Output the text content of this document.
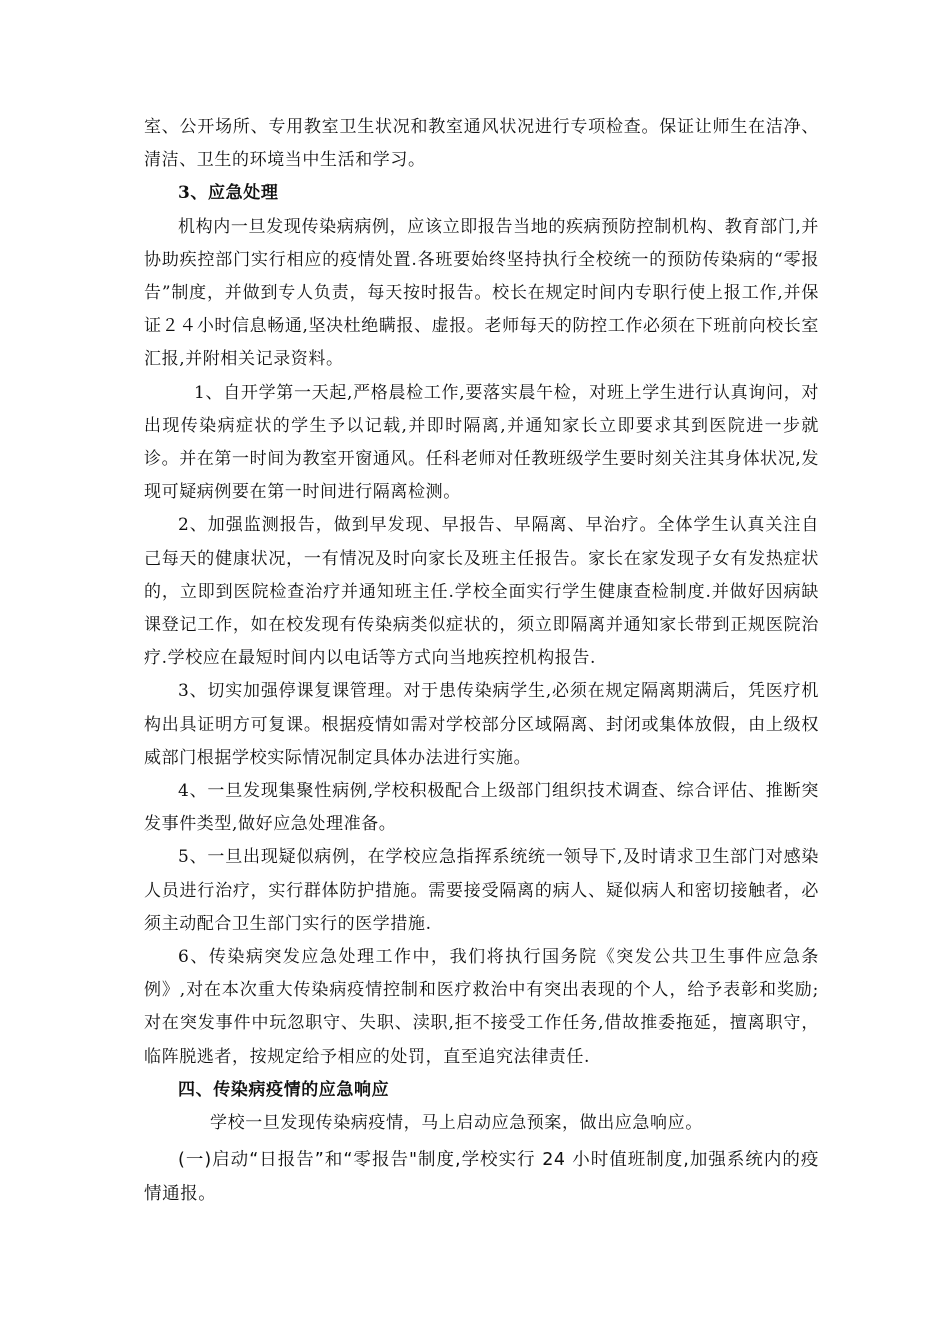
室、公开场所、专用教室卫生状况和教室通风状况进行专项检查。保证让师生在洁净、清洁、卫生的环境当中生活和学习。

3、应急处理

机构内一旦发现传染病病例，应该立即报告当地的疾病预防控制机构、教育部门,并协助疾控部门实行相应的疫情处置.各班要始终坚持执行全校统一的预防传染病的“零报告”制度，并做到专人负责，每天按时报告。校长在规定时间内专职行使上报工作,并保证２４小时信息畅通,坚决杜绝瞒报、虚报。老师每天的防控工作必须在下班前向校长室汇报,并附相关记录资料。

1、自开学第一天起,严格晨检工作,要落实晨午检，对班上学生进行认真询问，对出现传染病症状的学生予以记载,并即时隔离,并通知家长立即要求其到医院进一步就诊。并在第一时间为教室开窗通风。任科老师对任教班级学生要时刻关注其身体状况,发现可疑病例要在第一时间进行隔离检测。

2、加强监测报告，做到早发现、早报告、早隔离、早治疗。全体学生认真关注自己每天的健康状况，一有情况及时向家长及班主任报告。家长在家发现子女有发热症状的，立即到医院检查治疗并通知班主任.学校全面实行学生健康查检制度.并做好因病缺课登记工作，如在校发现有传染病类似症状的，须立即隔离并通知家长带到正规医院治疗.学校应在最短时间内以电话等方式向当地疾控机构报告.

3、切实加强停课复课管理。对于患传染病学生,必须在规定隔离期满后，凭医疗机构出具证明方可复课。根据疫情如需对学校部分区域隔离、封闭或集体放假，由上级权威部门根据学校实际情况制定具体办法进行实施。

4、一旦发现集聚性病例,学校积极配合上级部门组织技术调查、综合评估、推断突发事件类型,做好应急处理准备。

5、一旦出现疑似病例，在学校应急指挥系统统一领导下,及时请求卫生部门对感染人员进行治疗，实行群体防护措施。需要接受隔离的病人、疑似病人和密切接触者，必须主动配合卫生部门实行的医学措施.

6、传染病突发应急处理工作中，我们将执行国务院《突发公共卫生事件应急条例》,对在本次重大传染病疫情控制和医疗救治中有突出表现的个人，给予表彰和奖励;对在突发事件中玩忽职守、失职、渎职,拒不接受工作任务,借故推委拖延，擅离职守，临阵脱逃者，按规定给予相应的处罚，直至追究法律责任.

四、传染病疫情的应急响应

学校一旦发现传染病疫情，马上启动应急预案，做出应急响应。

(一)启动“日报告”和“零报告"制度,学校实行 24 小时值班制度,加强系统内的疫情通报。
